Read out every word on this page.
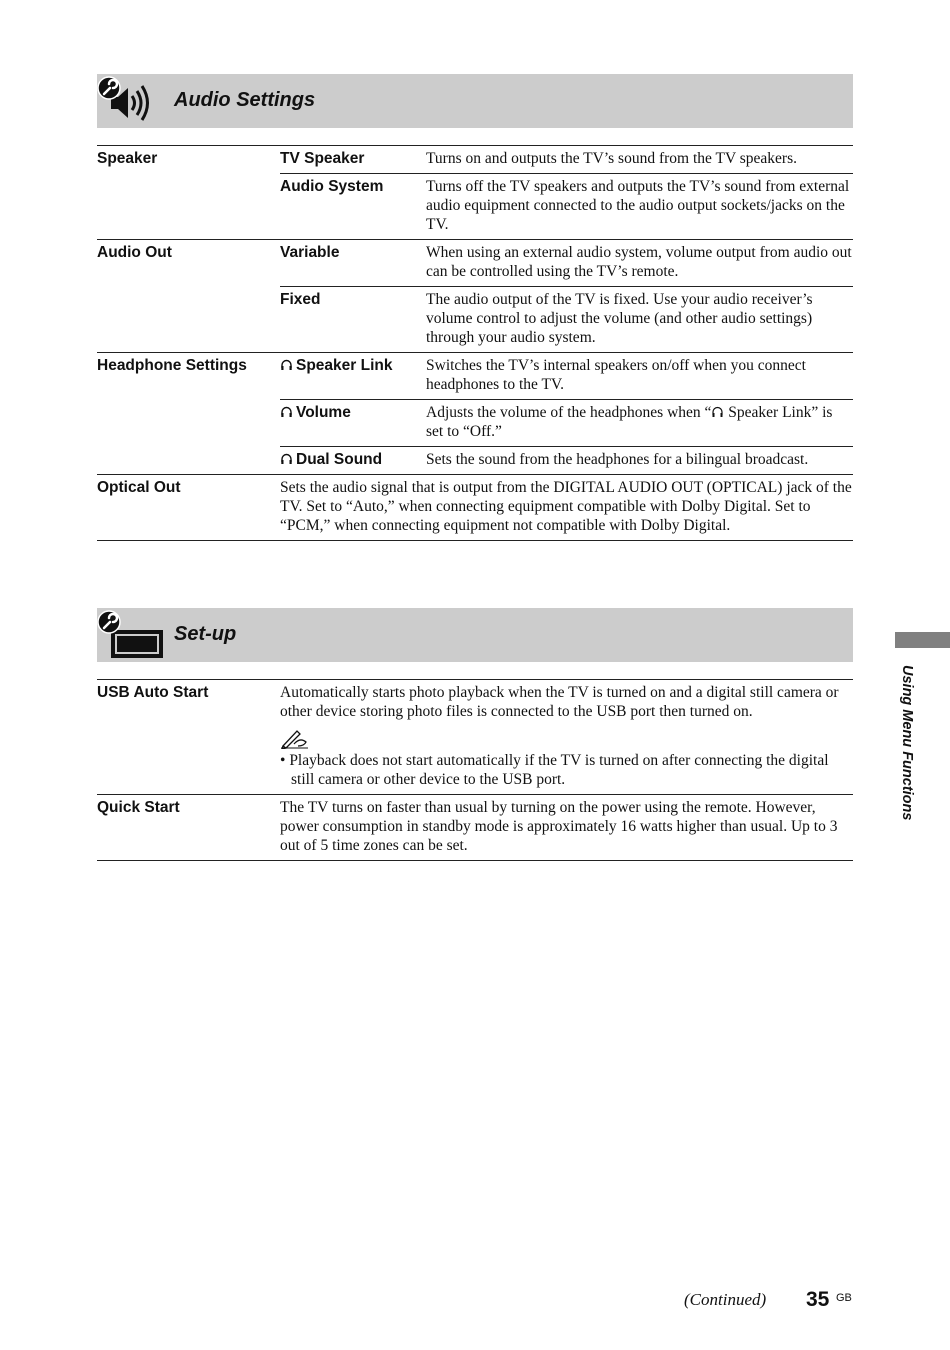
Audio Settings
Speaker	TV Speaker	Turns on and outputs the TV’s sound from the TV speakers.
	Audio System	Turns off the TV speakers and outputs the TV’s sound from external audio equipment connected to the audio output sockets/jacks on the TV.
Audio Out	Variable	When using an external audio system, volume output from audio out can be controlled using the TV’s remote.
	Fixed	The audio output of the TV is fixed. Use your audio receiver’s volume control to adjust the volume (and other audio settings) through your audio system.
Headphone Settings	Speaker Link	Switches the TV’s internal speakers on/off when you connect headphones to the TV.
	Volume	Adjusts the volume of the headphones when “ Speaker Link” is set to “Off.”
	Dual Sound	Sets the sound from the headphones for a bilingual broadcast.
Optical Out	Sets the audio signal that is output from the DIGITAL AUDIO OUT (OPTICAL) jack of the TV. Set to “Auto,” when connecting equipment compatible with Dolby Digital. Set to “PCM,” when connecting equipment not compatible with Dolby Digital.	
Set-up
USB Auto Start	Automatically starts photo playback when the TV is turned on and a digital still camera or other device storing photo files is connected to the USB port then turned on.
• Playback does not start automatically if the TV is turned on after connecting the digital still camera or other device to the USB port.

Quick Start	The TV turns on faster than usual by turning on the power using the remote. However, power consumption in standby mode is approximately 16 watts higher than usual. Up to 3 out of 5 time zones can be set.
Using Menu Functions
(Continued) 35 GB
